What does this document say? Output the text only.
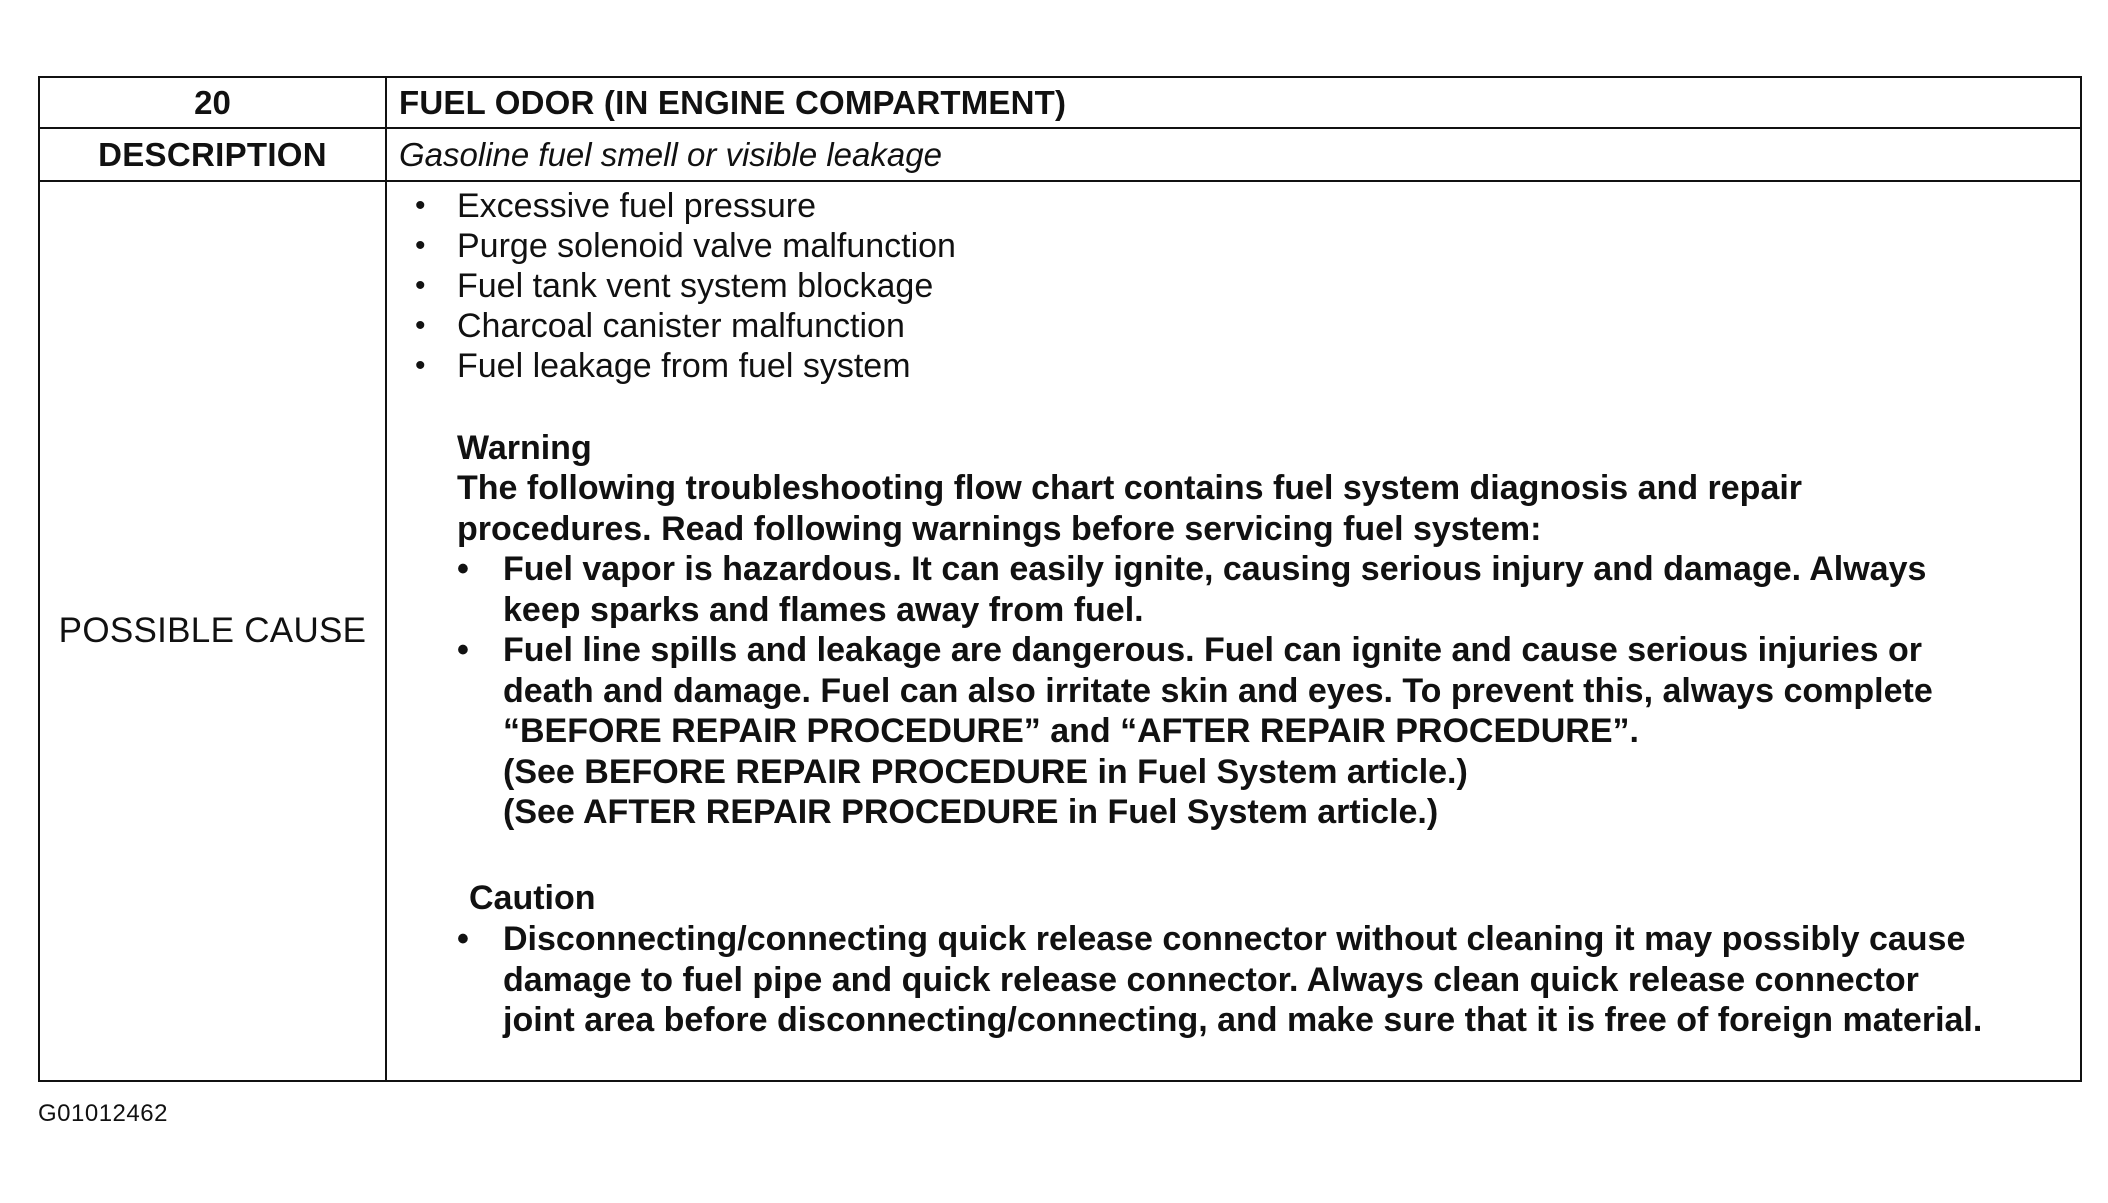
20	FUEL ODOR (IN ENGINE COMPARTMENT)
DESCRIPTION	Gasoline fuel smell or visible leakage
POSSIBLE CAUSE
• Excessive fuel pressure
• Purge solenoid valve malfunction
• Fuel tank vent system blockage
• Charcoal canister malfunction
• Fuel leakage from fuel system
Warning
The following troubleshooting flow chart contains fuel system diagnosis and repair
procedures. Read following warnings before servicing fuel system:
• Fuel vapor is hazardous. It can easily ignite, causing serious injury and damage. Always
keep sparks and flames away from fuel.
• Fuel line spills and leakage are dangerous. Fuel can ignite and cause serious injuries or
death and damage. Fuel can also irritate skin and eyes. To prevent this, always complete
“BEFORE REPAIR PROCEDURE” and “AFTER REPAIR PROCEDURE”.
(See BEFORE REPAIR PROCEDURE in Fuel System article.)
(See AFTER REPAIR PROCEDURE in Fuel System article.)
Caution
• Disconnecting/connecting quick release connector without cleaning it may possibly cause
damage to fuel pipe and quick release connector. Always clean quick release connector
joint area before disconnecting/connecting, and make sure that it is free of foreign material.
G01012462
